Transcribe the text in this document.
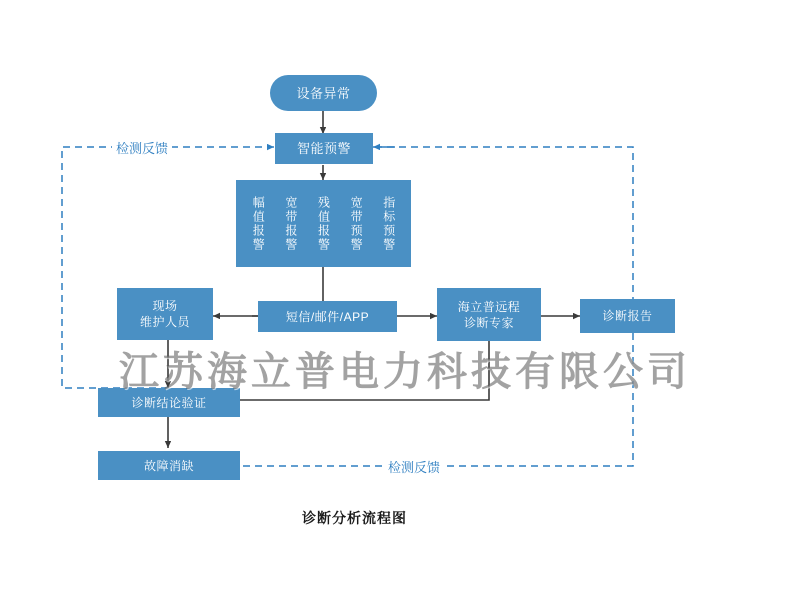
设备异常
智能预警
幅值报警 宽带报警 残值报警 宽带预警 指标预警
现场
维护人员	短信/邮件/APP
海立普远程
诊断专家	诊断报告
诊断结论验证
故障消缺
检测反馈
检测反馈
江苏海立普电力科技有限公司
诊断分析流程图
